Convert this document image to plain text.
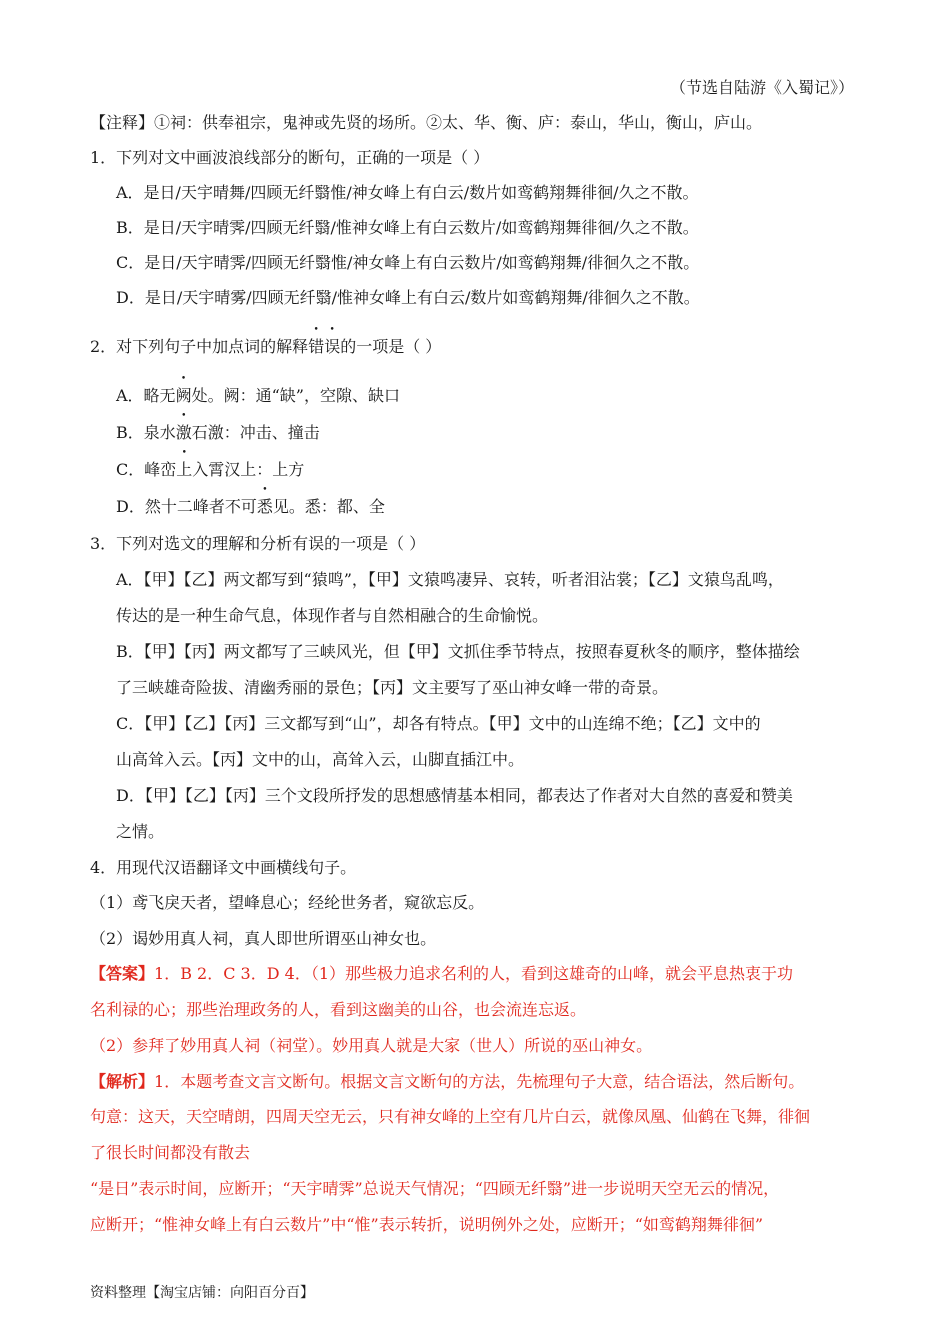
（节选自陆游《入蜀记》）
【注释】①祠：供奉祖宗，鬼神或先贤的场所。②太、华、衡、庐：泰山，华山，衡山，庐山。
1．下列对文中画波浪线部分的断句，正确的一项是（ ）
A．是日/天宇晴舞/四顾无纤翳惟/神女峰上有白云/数片如鸾鹤翔舞徘徊/久之不散。
B．是日/天宇晴霁/四顾无纤翳/惟神女峰上有白云数片/如鸾鹤翔舞徘徊/久之不散。
C．是日/天宇晴霁/四顾无纤翳惟/神女峰上有白云数片/如鸾鹤翔舞/徘徊久之不散。
D．是日/天宇晴雾/四顾无纤翳/惟神女峰上有白云/数片如鸾鹤翔舞/徘徊久之不散。
2．对下列句子中加点词的解释错误的一项是（ ）
A．略无阙处。阙：通“缺”，空隙、缺口
B．泉水激石激：冲击、撞击
C．峰峦上入霄汉上：上方
D．然十二峰者不可悉见。悉：都、全
3．下列对选文的理解和分析有误的一项是（ ）
A．【甲】【乙】两文都写到“猿鸣”，【甲】文猿鸣凄异、哀转，听者泪沾裳；【乙】文猿鸟乱鸣，
传达的是一种生命气息，体现作者与自然相融合的生命愉悦。
B．【甲】【丙】两文都写了三峡风光，但【甲】文抓住季节特点，按照春夏秋冬的顺序，整体描绘
了三峡雄奇险拔、清幽秀丽的景色；【丙】文主要写了巫山神女峰一带的奇景。
C．【甲】【乙】【丙】三文都写到“山”，却各有特点。【甲】文中的山连绵不绝；【乙】文中的
山高耸入云。【丙】文中的山，高耸入云，山脚直插江中。
D．【甲】【乙】【丙】三个文段所抒发的思想感情基本相同，都表达了作者对大自然的喜爱和赞美
之情。
4．用现代汉语翻译文中画横线句子。
（1）鸢飞戾天者，望峰息心；经纶世务者，窥欲忘反。
（2）谒妙用真人祠，真人即世所谓巫山神女也。
【答案】1．B 2．C 3．D 4．（1）那些极力追求名利的人，看到这雄奇的山峰，就会平息热衷于功
名利禄的心；那些治理政务的人，看到这幽美的山谷，也会流连忘返。
（2）参拜了妙用真人祠（祠堂）。妙用真人就是大家（世人）所说的巫山神女。
【解析】1．本题考查文言文断句。根据文言文断句的方法，先梳理句子大意，结合语法，然后断句。
句意：这天，天空晴朗，四周天空无云，只有神女峰的上空有几片白云，就像凤凰、仙鹤在飞舞，徘徊
了很长时间都没有散去
“是日”表示时间，应断开；“天宇晴霁”总说天气情况；“四顾无纤翳”进一步说明天空无云的情况，
应断开；“惟神女峰上有白云数片”中“惟”表示转折，说明例外之处，应断开；“如鸾鹤翔舞徘徊”
资料整理【淘宝店铺：向阳百分百】
